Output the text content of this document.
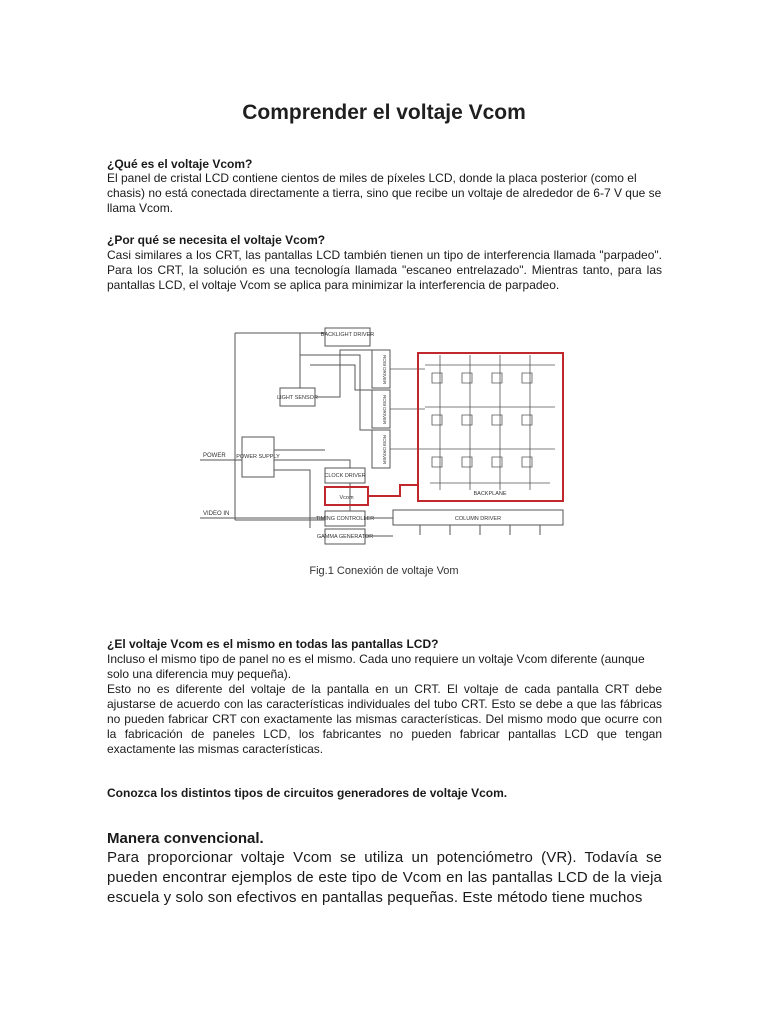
Comprender el voltaje Vcom
¿Qué es el voltaje Vcom?
El panel de cristal LCD contiene cientos de miles de píxeles LCD, donde la placa posterior (como el chasis) no está conectada directamente a tierra, sino que recibe un voltaje de alrededor de 6-7 V que se llama Vcom.
¿Por qué se necesita el voltaje Vcom?
Casi similares a los CRT, las pantallas LCD también tienen un tipo de interferencia llamada "parpadeo". Para los CRT, la solución es una tecnología llamada "escaneo entrelazado". Mientras tanto, para las pantallas LCD, el voltaje Vcom se aplica para minimizar la interferencia de parpadeo.
BACKLIGHT DRIVER
LIGHT SENSOR
POWER SUPPLY
CLOCK DRIVER
Vcom
TIMING CONTROLLER
GAMMA GENERATOR
COLUMN DRIVER
BACKPLANE
ROW DRIVER
ROW DRIVER
ROW DRIVER
POWER
VIDEO IN
Fig.1 Conexión de voltaje Vom
¿El voltaje Vcom es el mismo en todas las pantallas LCD?
Incluso el mismo tipo de panel no es el mismo. Cada uno requiere un voltaje Vcom diferente (aunque solo una diferencia muy pequeña).
Esto no es diferente del voltaje de la pantalla en un CRT. El voltaje de cada pantalla CRT debe ajustarse de acuerdo con las características individuales del tubo CRT. Esto se debe a que las fábricas no pueden fabricar CRT con exactamente las mismas características. Del mismo modo que ocurre con la fabricación de paneles LCD, los fabricantes no pueden fabricar pantallas LCD que tengan exactamente las mismas características.
Conozca los distintos tipos de circuitos generadores de voltaje Vcom.
Manera convencional.
Para proporcionar voltaje Vcom se utiliza un potenciómetro (VR). Todavía se pueden encontrar ejemplos de este tipo de Vcom en las pantallas LCD de la vieja escuela y solo son efectivos en pantallas pequeñas. Este método tiene muchos
